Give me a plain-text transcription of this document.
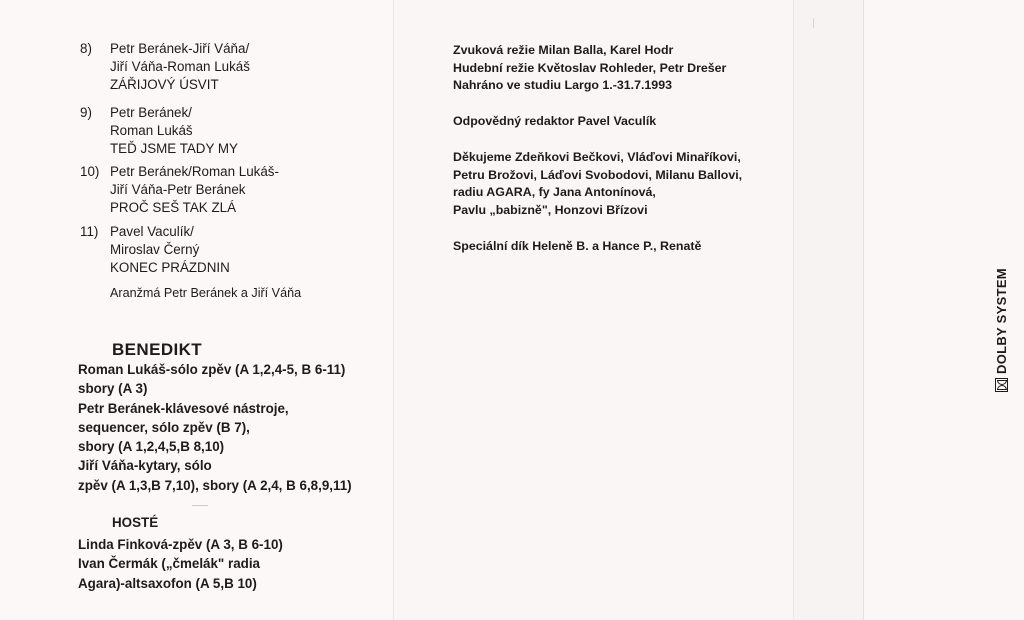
8) Petr Beránek-Jiří Váňa/
Jiří Váňa-Roman Lukáš
ZÁŘIJOVÝ ÚSVIT
9) Petr Beránek/
Roman Lukáš
TEĎ JSME TADY MY
10) Petr Beránek/Roman Lukáš-
Jiří Váňa-Petr Beránek
PROČ SEŠ TAK ZLÁ
11) Pavel Vaculík/
Miroslav Černý
KONEC PRÁZDNIN
Aranžmá Petr Beránek a Jiří Váňa
BENEDIKT
Roman Lukáš-sólo zpěv (A 1,2,4-5, B 6-11)
sbory (A 3)
Petr Beránek-klávesové nástroje,
sequencer, sólo zpěv (B 7),
sbory (A 1,2,4,5,B 8,10)
Jiří Váňa-kytary, sólo
zpěv (A 1,3,B 7,10), sbory (A 2,4, B 6,8,9,11)
HOSTÉ
Linda Finková-zpěv (A 3, B 6-10)
Ivan Čermák („čmelák" radia
Agara)-altsaxofon (A 5,B 10)
Zvuková režie Milan Balla, Karel Hodr
Hudební režie Květoslav Rohleder, Petr Drešer
Nahráno ve studiu Largo 1.-31.7.1993
Odpovědný redaktor Pavel Vaculík
Děkujeme Zdeňkovi Bečkovi, Vláďovi Minaříkovi,
Petru Brožovi, Láďovi Svobodovi, Milanu Ballovi,
radiu AGARA, fy Jana Antonínová,
Pavlu „babizně", Honzovi Břízovi
Speciální dík Heleně B. a Hance P., Renatě
DOLBY SYSTEM
